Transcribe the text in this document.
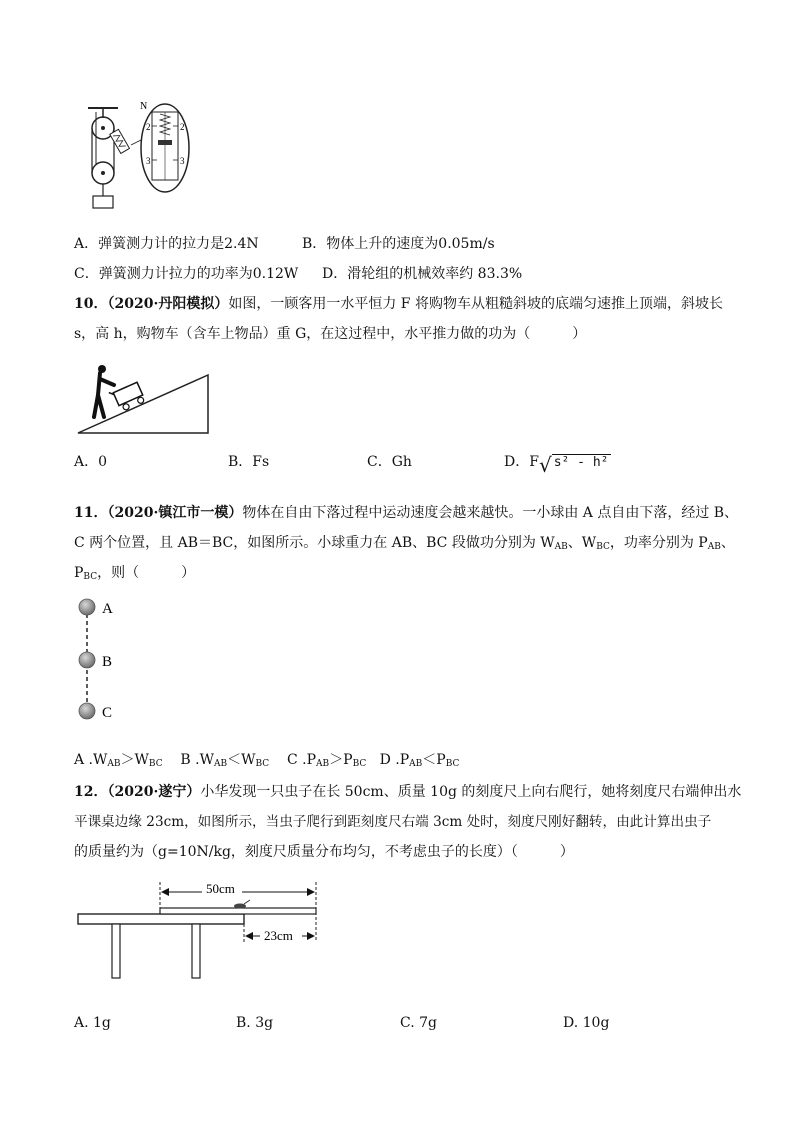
N
2	2
3	3
A．弹簧测力计的拉力是2.4N	B．物体上升的速度为0.05m/s
C．弹簧测力计拉力的功率为0.12W D．滑轮组的机械效率约 83.3%
10．（2020·丹阳模拟）如图，一顾客用一水平恒力 F 将购物车从粗糙斜坡的底端匀速推上顶端，斜坡长
s，高 h，购物车（含车上物品）重 G，在这过程中，水平推力做的功为（　　　）
A．0	B．Fs	C．Gh	D．F√ s² - h²
11．（2020·镇江市一模）物体在自由下落过程中运动速度会越来越快。一小球由 A 点自由下落，经过 B、
C 两个位置，且 AB＝BC，如图所示。小球重力在 AB、BC 段做功分别为 $W_{AB}$、$W_{BC}$，功率分别为 $P_{AB}$、
$P_{BC}$，则（　　　）
A
B
C
A $.W_{AB}>W_{BC}$ B $.W_{AB}<W_{BC}$ C $.P_{AB}>P_{BC}$ D $.P_{AB}<P_{BC}$
12．（2020·遂宁）小华发现一只虫子在长 50cm、质量 10g 的刻度尺上向右爬行，她将刻度尺右端伸出水
平课桌边缘 23cm，如图所示，当虫子爬行到距刻度尺右端 3cm 处时，刻度尺刚好翻转，由此计算出虫子
的质量约为（g=10N/kg，刻度尺质量分布均匀，不考虑虫子的长度）（　　　）
50cm
23cm
A. 1g	B. 3g	C. 7g	D. 10g
